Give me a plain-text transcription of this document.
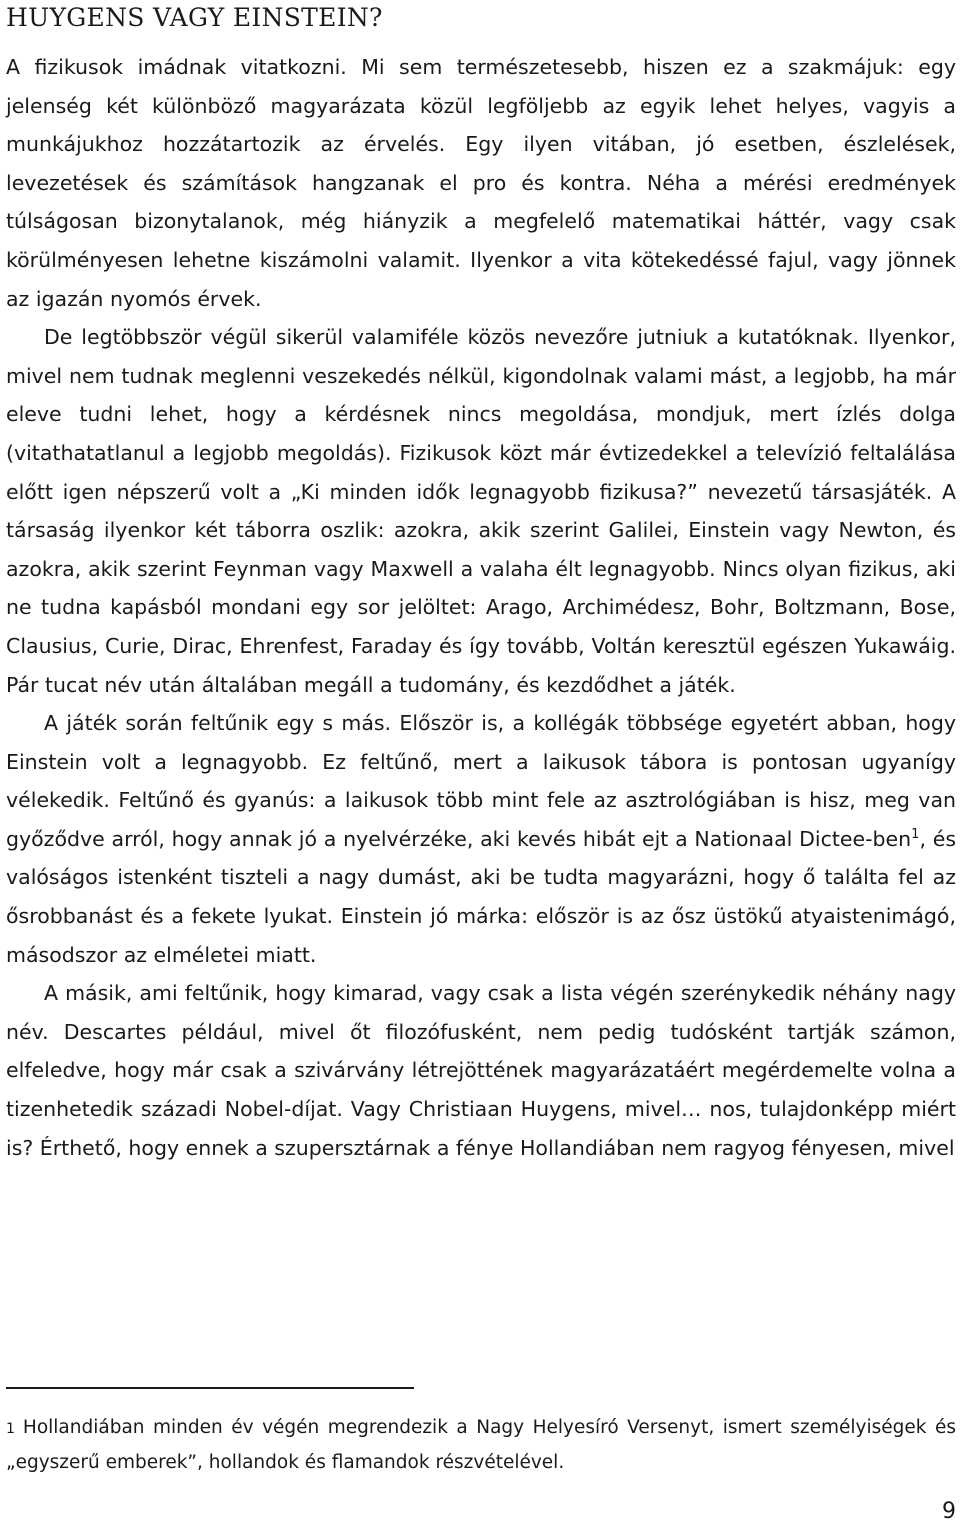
HUYGENS VAGY EINSTEIN?

A fizikusok imádnak vitatkozni. Mi sem természetesebb, hiszen ez a szakmájuk: egy jelenség két különböző magyarázata közül legföljebb az egyik lehet helyes, vagyis a munkájukhoz hozzátartozik az érvelés. Egy ilyen vitában, jó esetben, észlelések, levezetések és számítások hangzanak el pro és kontra. Néha a mérési eredmények túlságosan bizonytalanok, még hiányzik a megfelelő matematikai háttér, vagy csak körülményesen lehetne kiszámolni valamit. Ilyenkor a vita kötekedéssé fajul, vagy jönnek az igazán nyomós érvek.

De legtöbbször végül sikerül valamiféle közös nevezőre jutniuk a kutatóknak. Ilyenkor, mivel nem tudnak meglenni veszekedés nélkül, kigondolnak valami mást, a legjobb, ha már eleve tudni lehet, hogy a kérdésnek nincs megoldása, mondjuk, mert ízlés dolga (vitathatatlanul a legjobb megoldás). Fizikusok közt már évtizedekkel a televízió feltalálása előtt igen népszerű volt a „Ki minden idők legnagyobb fizikusa?” nevezetű társasjáték. A társaság ilyenkor két táborra oszlik: azokra, akik szerint Galilei, Einstein vagy Newton, és azokra, akik szerint Feynman vagy Maxwell a valaha élt legnagyobb. Nincs olyan fizikus, aki ne tudna kapásból mondani egy sor jelöltet: Arago, Archimédesz, Bohr, Boltzmann, Bose, Clausius, Curie, Dirac, Ehrenfest, Faraday és így tovább, Voltán keresztül egészen Yukawáig. Pár tucat név után általában megáll a tudomány, és kezdődhet a játék.

A játék során feltűnik egy s más. Először is, a kollégák többsége egyetért abban, hogy Einstein volt a legnagyobb. Ez feltűnő, mert a laikusok tábora is pontosan ugyanígy vélekedik. Feltűnő és gyanús: a laikusok több mint fele az asztrológiában is hisz, meg van győződve arról, hogy annak jó a nyelvérzéke, aki kevés hibát ejt a Nationaal Dictee-ben$^1$, és valóságos istenként tiszteli a nagy dumást, aki be tudta magyarázni, hogy ő találta fel az ősrobbanást és a fekete lyukat. Einstein jó márka: először is az ősz üstökű atyaistenimágó, másodszor az elméletei miatt.

A másik, ami feltűnik, hogy kimarad, vagy csak a lista végén szerénykedik néhány nagy név. Descartes például, mivel őt filozófusként, nem pedig tudósként tartják számon, elfeledve, hogy már csak a szivárvány létrejöttének magyarázatáért megérdemelte volna a tizenhetedik századi Nobel-díjat. Vagy Christiaan Huygens, mivel… nos, tulajdonképp miért is? Érthető, hogy ennek a szupersztárnak a fénye Hollandiában nem ragyog fényesen, mivel

1 Hollandiában minden év végén megrendezik a Nagy Helyesíró Versenyt, ismert személyiségek és „egyszerű emberek”, hollandok és flamandok részvételével.
9
